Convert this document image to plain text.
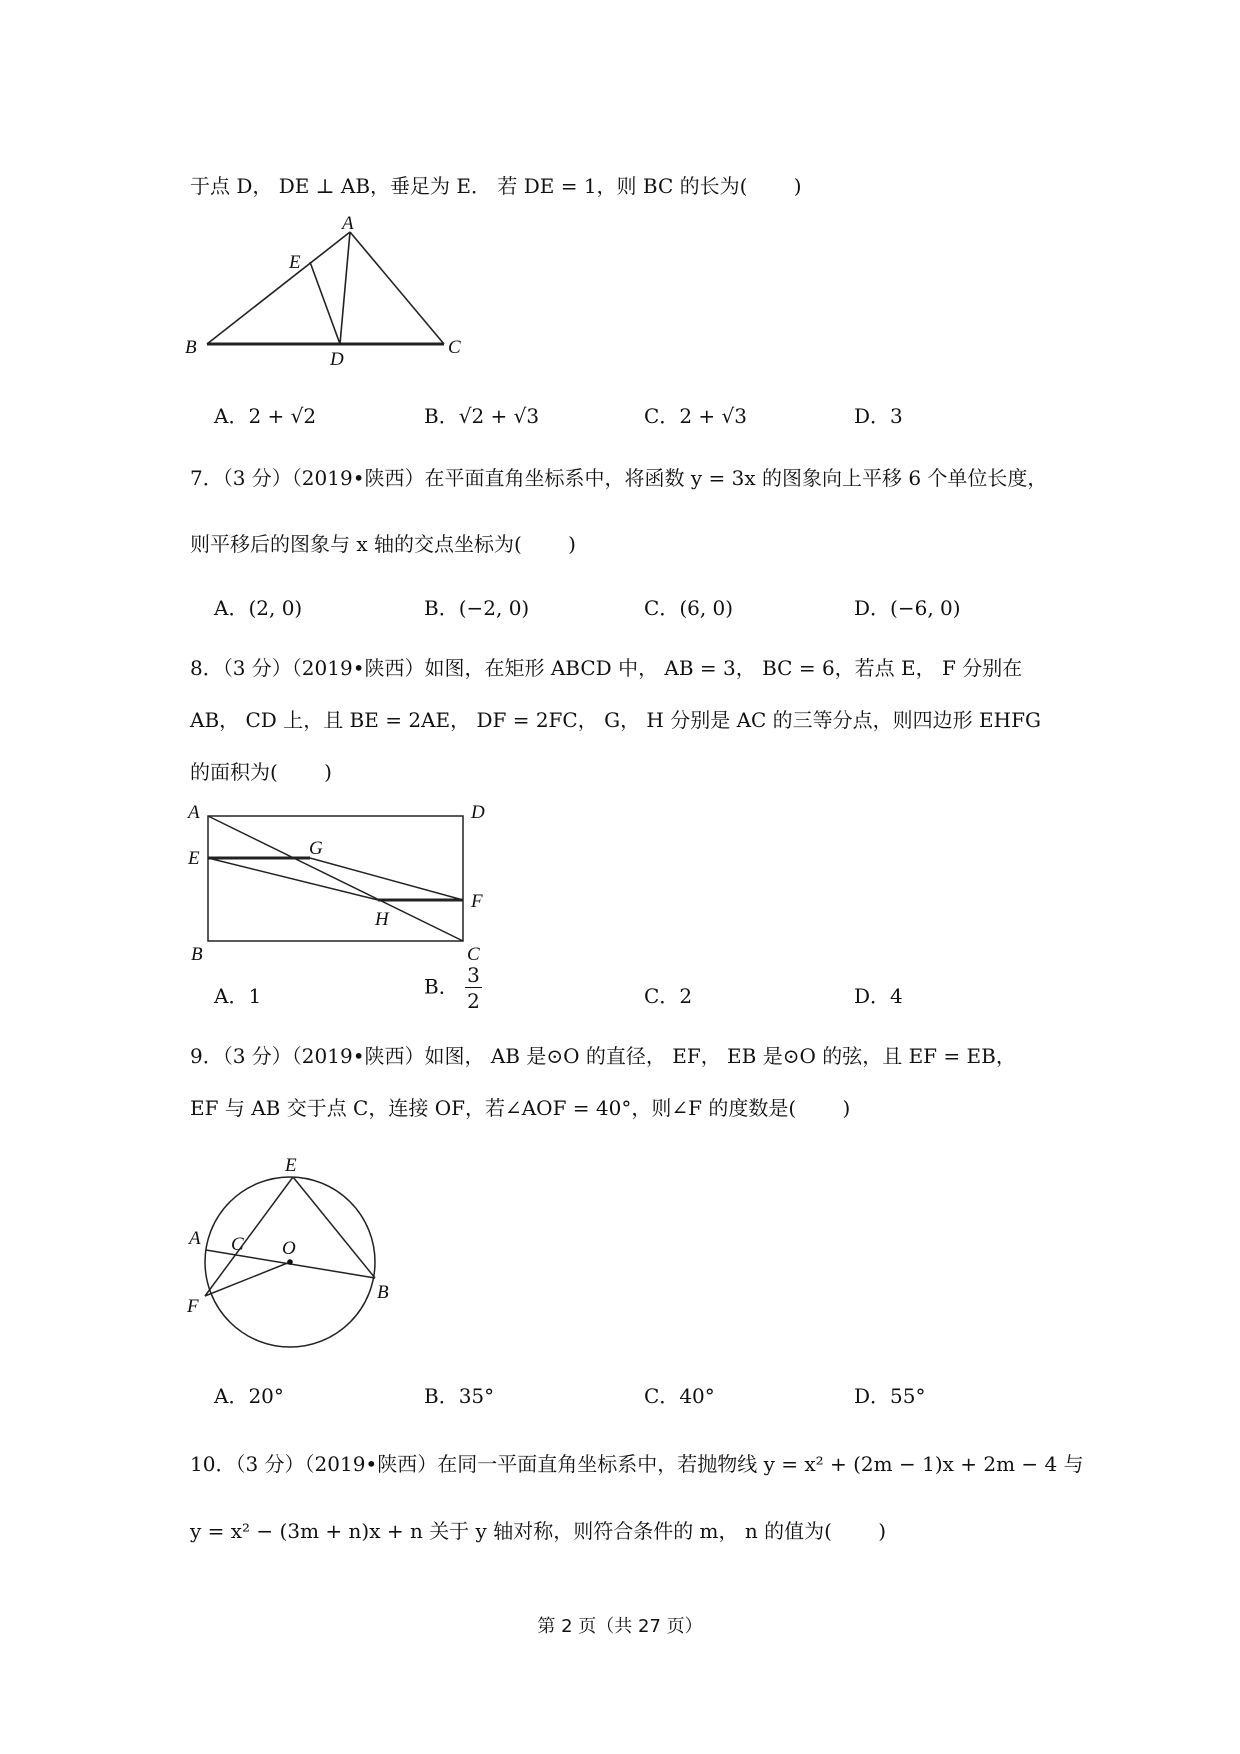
于点 D， DE ⊥ AB，垂足为 E． 若 DE = 1，则 BC 的长为(　　 )
A
E
B
D
C
A．2 + √2	B．√2 + √3	C．2 + √3	D．3
7．（3 分）（2019•陕西）在平面直角坐标系中，将函数 y = 3x 的图象向上平移 6 个单位长度，
则平移后的图象与 x 轴的交点坐标为(　　 )
A．(2, 0)	B．(−2, 0)	C．(6, 0)	D．(−6, 0)
8．（3 分）（2019•陕西）如图，在矩形 ABCD 中， AB = 3， BC = 6，若点 E， F 分别在
AB， CD 上，且 BE = 2AE， DF = 2FC， G， H 分别是 AC 的三等分点，则四边形 EHFG
的面积为(　　 )
A	D
E	G
F
H
B	C
A．1	B． $\frac{3}{2}$	C．2	D．4
9．（3 分）（2019•陕西）如图， AB 是⊙O 的直径， EF， EB 是⊙O 的弦，且 EF = EB，
EF 与 AB 交于点 C，连接 OF，若∠AOF = 40°，则∠F 的度数是(　　 )
E
A C O
F
B
A．20°	B．35°	C．40°	D．55°
10．（3 分）（2019•陕西）在同一平面直角坐标系中，若抛物线 y = x² + (2m − 1)x + 2m − 4 与
y = x² − (3m + n)x + n 关于 y 轴对称，则符合条件的 m， n 的值为(　　 )
第 2 页（共 27 页）
